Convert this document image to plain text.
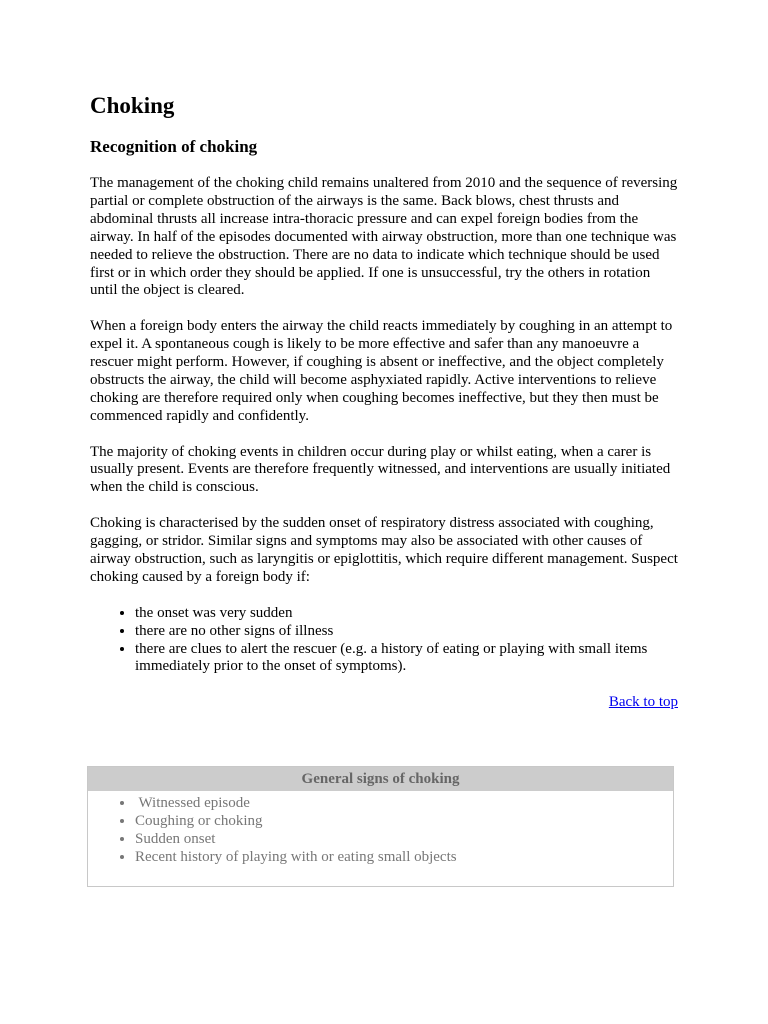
Choking
Recognition of choking

The management of the choking child remains unaltered from 2010 and the sequence of reversing partial or complete obstruction of the airways is the same. Back blows, chest thrusts and abdominal thrusts all increase intra-thoracic pressure and can expel foreign bodies from the airway. In half of the episodes documented with airway obstruction, more than one technique was needed to relieve the obstruction. There are no data to indicate which technique should be used first or in which order they should be applied. If one is unsuccessful, try the others in rotation until the object is cleared.

When a foreign body enters the airway the child reacts immediately by coughing in an attempt to expel it. A spontaneous cough is likely to be more effective and safer than any manoeuvre a rescuer might perform. However, if coughing is absent or ineffective, and the object completely obstructs the airway, the child will become asphyxiated rapidly. Active interventions to relieve choking are therefore required only when coughing becomes ineffective, but they then must be commenced rapidly and confidently.

The majority of choking events in children occur during play or whilst eating, when a carer is usually present. Events are therefore frequently witnessed, and interventions are usually initiated when the child is conscious.

Choking is characterised by the sudden onset of respiratory distress associated with coughing, gagging, or stridor. Similar signs and symptoms may also be associated with other causes of airway obstruction, such as laryngitis or epiglottitis, which require different management. Suspect choking caused by a foreign body if:

• the onset was very sudden
• there are no other signs of illness
• there are clues to alert the rescuer (e.g. a history of eating or playing with small items immediately prior to the onset of symptoms).
Back to top
General signs of choking
•  Witnessed episode
• Coughing or choking
• Sudden onset
• Recent history of playing with or eating small objects
